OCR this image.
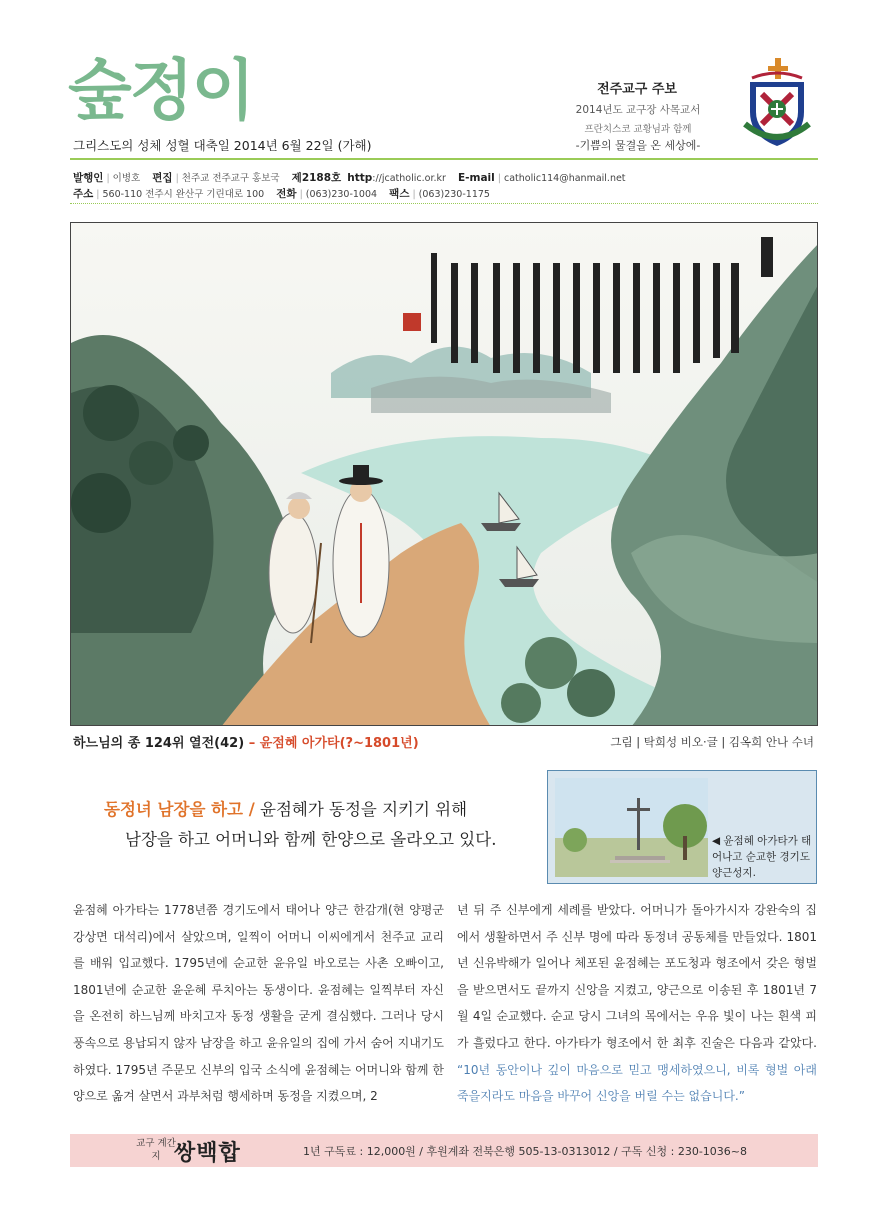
숲정이
그리스도의 성체 성혈 대축일 2014년 6월 22일 (가해)
전주교구 주보
2014년도 교구장 사목교서
프란치스코 교황님과 함께
-기쁨의 물결을 온 세상에-
발행인 | 이병호 편집 | 천주교 전주교구 홍보국 제2188호 http://jcatholic.or.kr E-mail | catholic114@hanmail.net
주소 | 560-110 전주시 완산구 기린대로 100 전화 | (063)230-1004 팩스 | (063)230-1175
하느님의 종 124위 열전(42) – 윤점혜 아가타(?~1801년)	그림 | 탁희성 비오·글 | 김옥희 안나 수녀
◀ 윤점혜 아가타가 태어나고 순교한 경기도 양근성지.
동정녀 남장을 하고 / 윤점혜가 동정을 지키기 위해
남장을 하고 어머니와 함께 한양으로 올라오고 있다.
윤점혜 아가타는 1778년쯤 경기도에서 태어나 양근 한감개(현 양평군 강상면 대석리)에서 살았으며, 일찍이 어머니 이씨에게서 천주교 교리를 배워 입교했다. 1795년에 순교한 윤유일 바오로는 사촌 오빠이고, 1801년에 순교한 윤운혜 루치아는 동생이다. 윤점혜는 일찍부터 자신을 온전히 하느님께 바치고자 동정 생활을 굳게 결심했다. 그러나 당시 풍속으로 용납되지 않자 남장을 하고 윤유일의 집에 가서 숨어 지내기도 하였다. 1795년 주문모 신부의 입국 소식에 윤점혜는 어머니와 함께 한양으로 옮겨 살면서 과부처럼 행세하며 동정을 지켰으며, 2
년 뒤 주 신부에게 세례를 받았다. 어머니가 돌아가시자 강완숙의 집에서 생활하면서 주 신부 명에 따라 동정녀 공동체를 만들었다. 1801년 신유박해가 일어나 체포된 윤점혜는 포도청과 형조에서 갖은 형벌을 받으면서도 끝까지 신앙을 지켰고, 양근으로 이송된 후 1801년 7월 4일 순교했다. 순교 당시 그녀의 목에서는 우유 빛이 나는 흰색 피가 흘렀다고 한다. 아가타가 형조에서 한 최후 진술은 다음과 같았다. “10년 동안이나 깊이 마음으로 믿고 맹세하였으니, 비록 형벌 아래 죽을지라도 마음을 바꾸어 신앙을 버릴 수는 없습니다.”
교구 계간지 쌍백합	1년 구독료 : 12,000원 / 후원계좌 전북은행 505-13-0313012 / 구독 신청 : 230-1036~8
